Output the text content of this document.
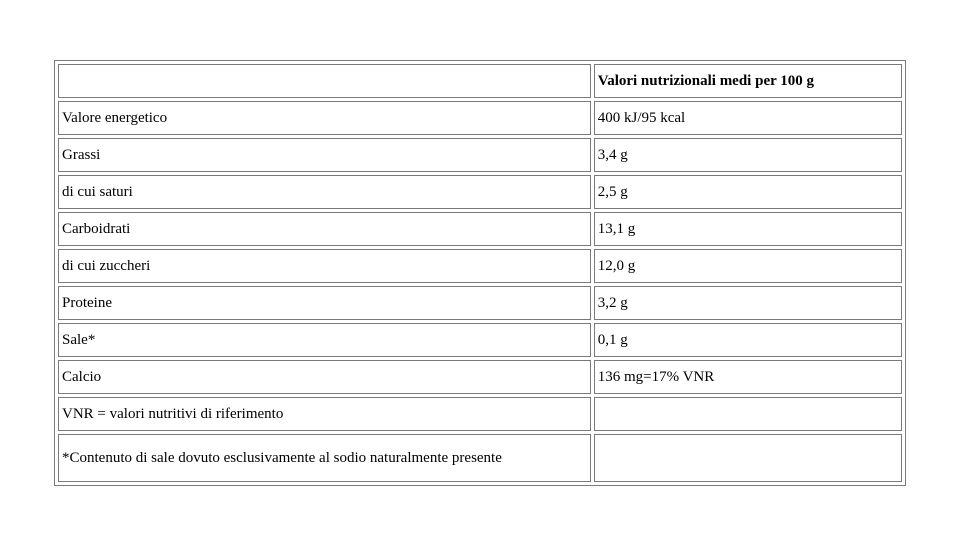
	Valori nutrizionali medi per 100 g
Valore energetico	400 kJ/95 kcal
Grassi	3,4 g
di cui saturi	2,5 g
Carboidrati	13,1 g
di cui zuccheri	12,0 g
Proteine	3,2 g
Sale*	0,1 g
Calcio	136 mg=17% VNR
VNR = valori nutritivi di riferimento	
*Contenuto di sale dovuto esclusivamente al sodio naturalmente presente	
